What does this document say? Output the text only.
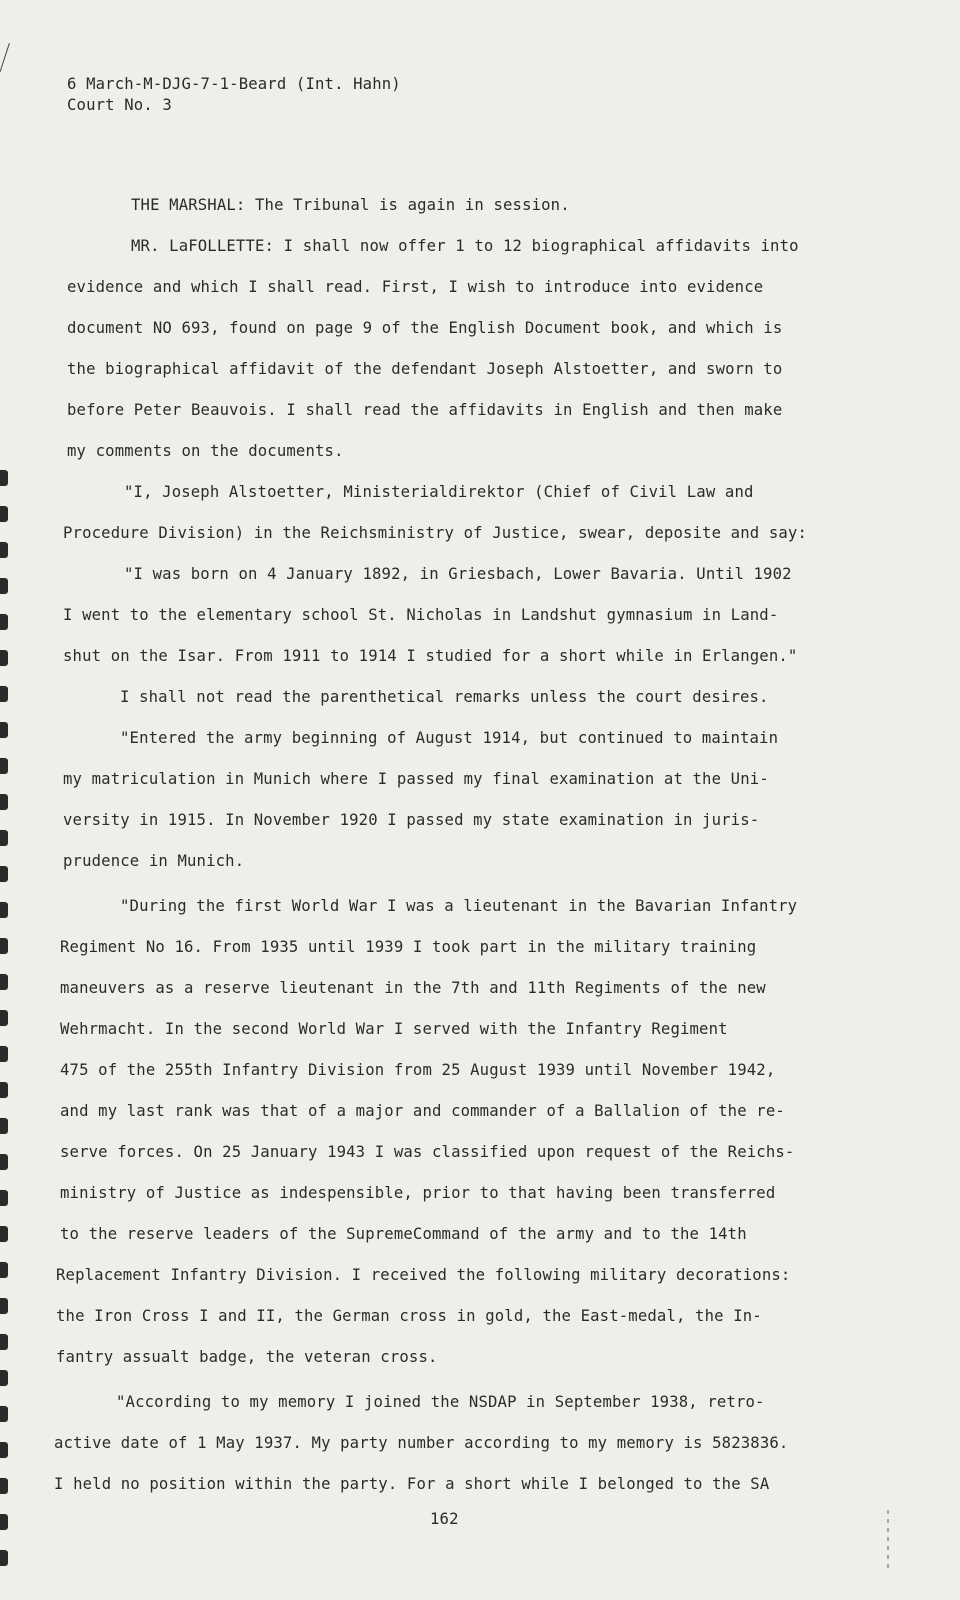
6 March-M-DJG-7-1-Beard (Int. Hahn)
Court No. 3
THE MARSHAL: The Tribunal is again in session.
MR. LaFOLLETTE: I shall now offer 1 to 12 biographical affidavits into
evidence and which I shall read. First, I wish to introduce into evidence
document NO 693, found on page 9 of the English Document book, and which is
the biographical affidavit of the defendant Joseph Alstoetter, and sworn to
before Peter Beauvois. I shall read the affidavits in English and then make
my comments on the documents.
"I, Joseph Alstoetter, Ministerialdirektor (Chief of Civil Law and
Procedure Division) in the Reichsministry of Justice, swear, deposite and say:
"I was born on 4 January 1892, in Griesbach, Lower Bavaria. Until 1902
I went to the elementary school St. Nicholas in Landshut gymnasium in Land-
shut on the Isar. From 1911 to 1914 I studied for a short while in Erlangen."
I shall not read the parenthetical remarks unless the court desires.
"Entered the army beginning of August 1914, but continued to maintain
my matriculation in Munich where I passed my final examination at the Uni-
versity in 1915. In November 1920 I passed my state examination in juris-
prudence in Munich.
"During the first World War I was a lieutenant in the Bavarian Infantry
Regiment No 16. From 1935 until 1939 I took part in the military training
maneuvers as a reserve lieutenant in the 7th and 11th Regiments of the new
Wehrmacht. In the second World War I served with the Infantry Regiment
475 of the 255th Infantry Division from 25 August 1939 until November 1942,
and my last rank was that of a major and commander of a Ballalion of the re-
serve forces. On 25 January 1943 I was classified upon request of the Reichs-
ministry of Justice as indespensible, prior to that having been transferred
to the reserve leaders of the SupremeCommand of the army and to the 14th
Replacement Infantry Division. I received the following military decorations:
the Iron Cross I and II, the German cross in gold, the East-medal, the In-
fantry assualt badge, the veteran cross.
"According to my memory I joined the NSDAP in September 1938, retro-
active date of 1 May 1937. My party number according to my memory is 5823836.
I held no position within the party. For a short while I belonged to the SA
162
